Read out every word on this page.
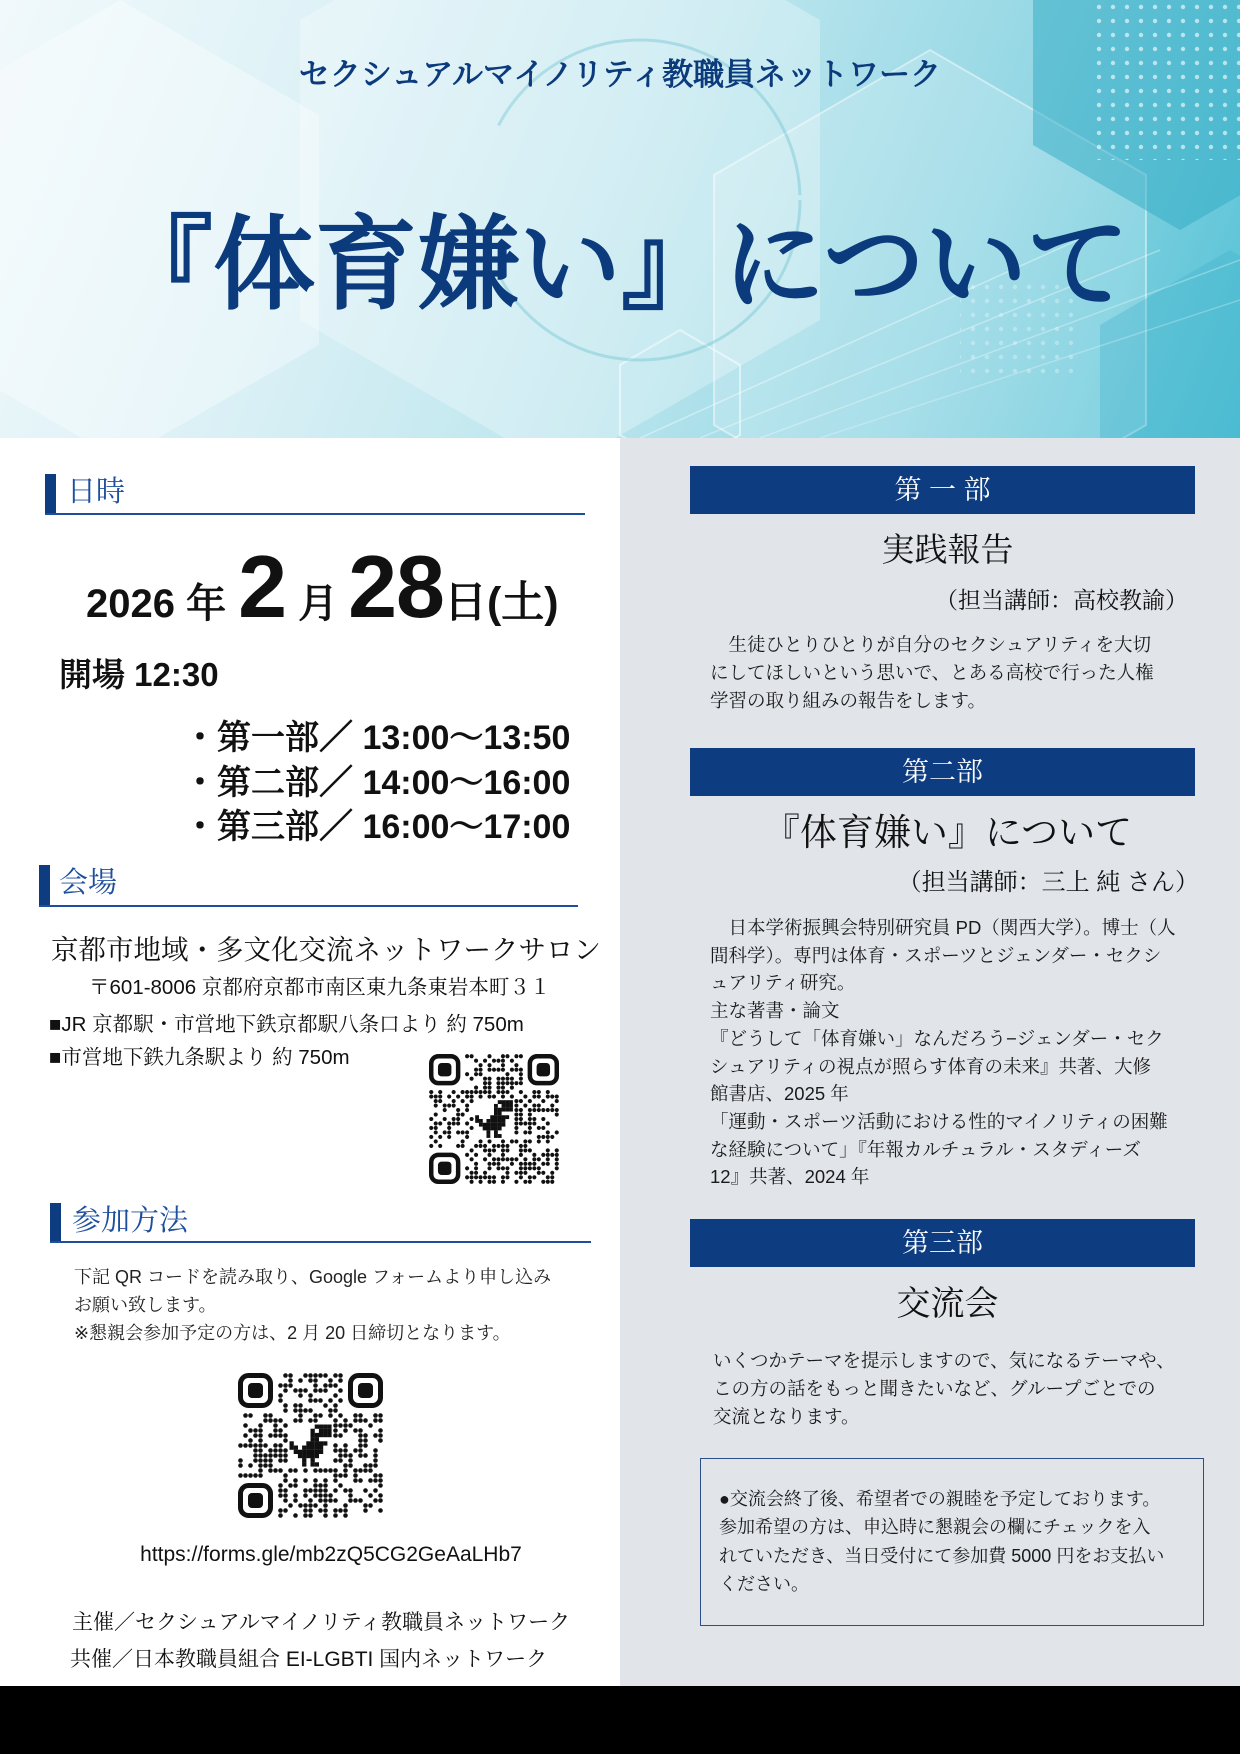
セクシュアルマイノリティ教職員ネットワーク
『体育嫌い』について
日時
2026 年 2 月 28 日(土)
開場 12:30
・第一部／ 13:00〜13:50
・第二部／ 14:00〜16:00
・第三部／ 16:00〜17:00
会場
京都市地域・多文化交流ネットワークサロン
〒601-8006 京都府京都市南区東九条東岩本町３１
■JR 京都駅・市営地下鉄京都駅八条口より 約 750m
■市営地下鉄九条駅より 約 750m
参加方法
下記 QR コードを読み取り、Google フォームより申し込み
お願い致します。
※懇親会参加予定の方は、2 月 20 日締切となります。
https://forms.gle/mb2zQ5CG2GeAaLHb7
主催／セクシュアルマイノリティ教職員ネットワーク
共催／日本教職員組合 EI-LGBTI 国内ネットワーク
第 一 部
実践報告
（担当講師：高校教諭）
　生徒ひとりひとりが自分のセクシュアリティを大切
にしてほしいという思いで、とある高校で行った人権
学習の取り組みの報告をします。
第二部
『体育嫌い』について
（担当講師：三上 純 さん）
　日本学術振興会特別研究員 PD（関西大学）。博士（人
間科学）。専門は体育・スポーツとジェンダー・セクシ
ュアリティ研究。
主な著書・論文
『どうして「体育嫌い」なんだろう−ジェンダー・セク
シュアリティの視点が照らす体育の未来』共著、大修
館書店、2025 年
「運動・スポーツ活動における性的マイノリティの困難
な経験について」『年報カルチュラル・スタディーズ
12』共著、2024 年
第三部
交流会
いくつかテーマを提示しますので、気になるテーマや、
この方の話をもっと聞きたいなど、グループごとでの
交流となります。
●交流会終了後、希望者での親睦を予定しております。
参加希望の方は、申込時に懇親会の欄にチェックを入
れていただき、当日受付にて参加費 5000 円をお支払い
ください。
